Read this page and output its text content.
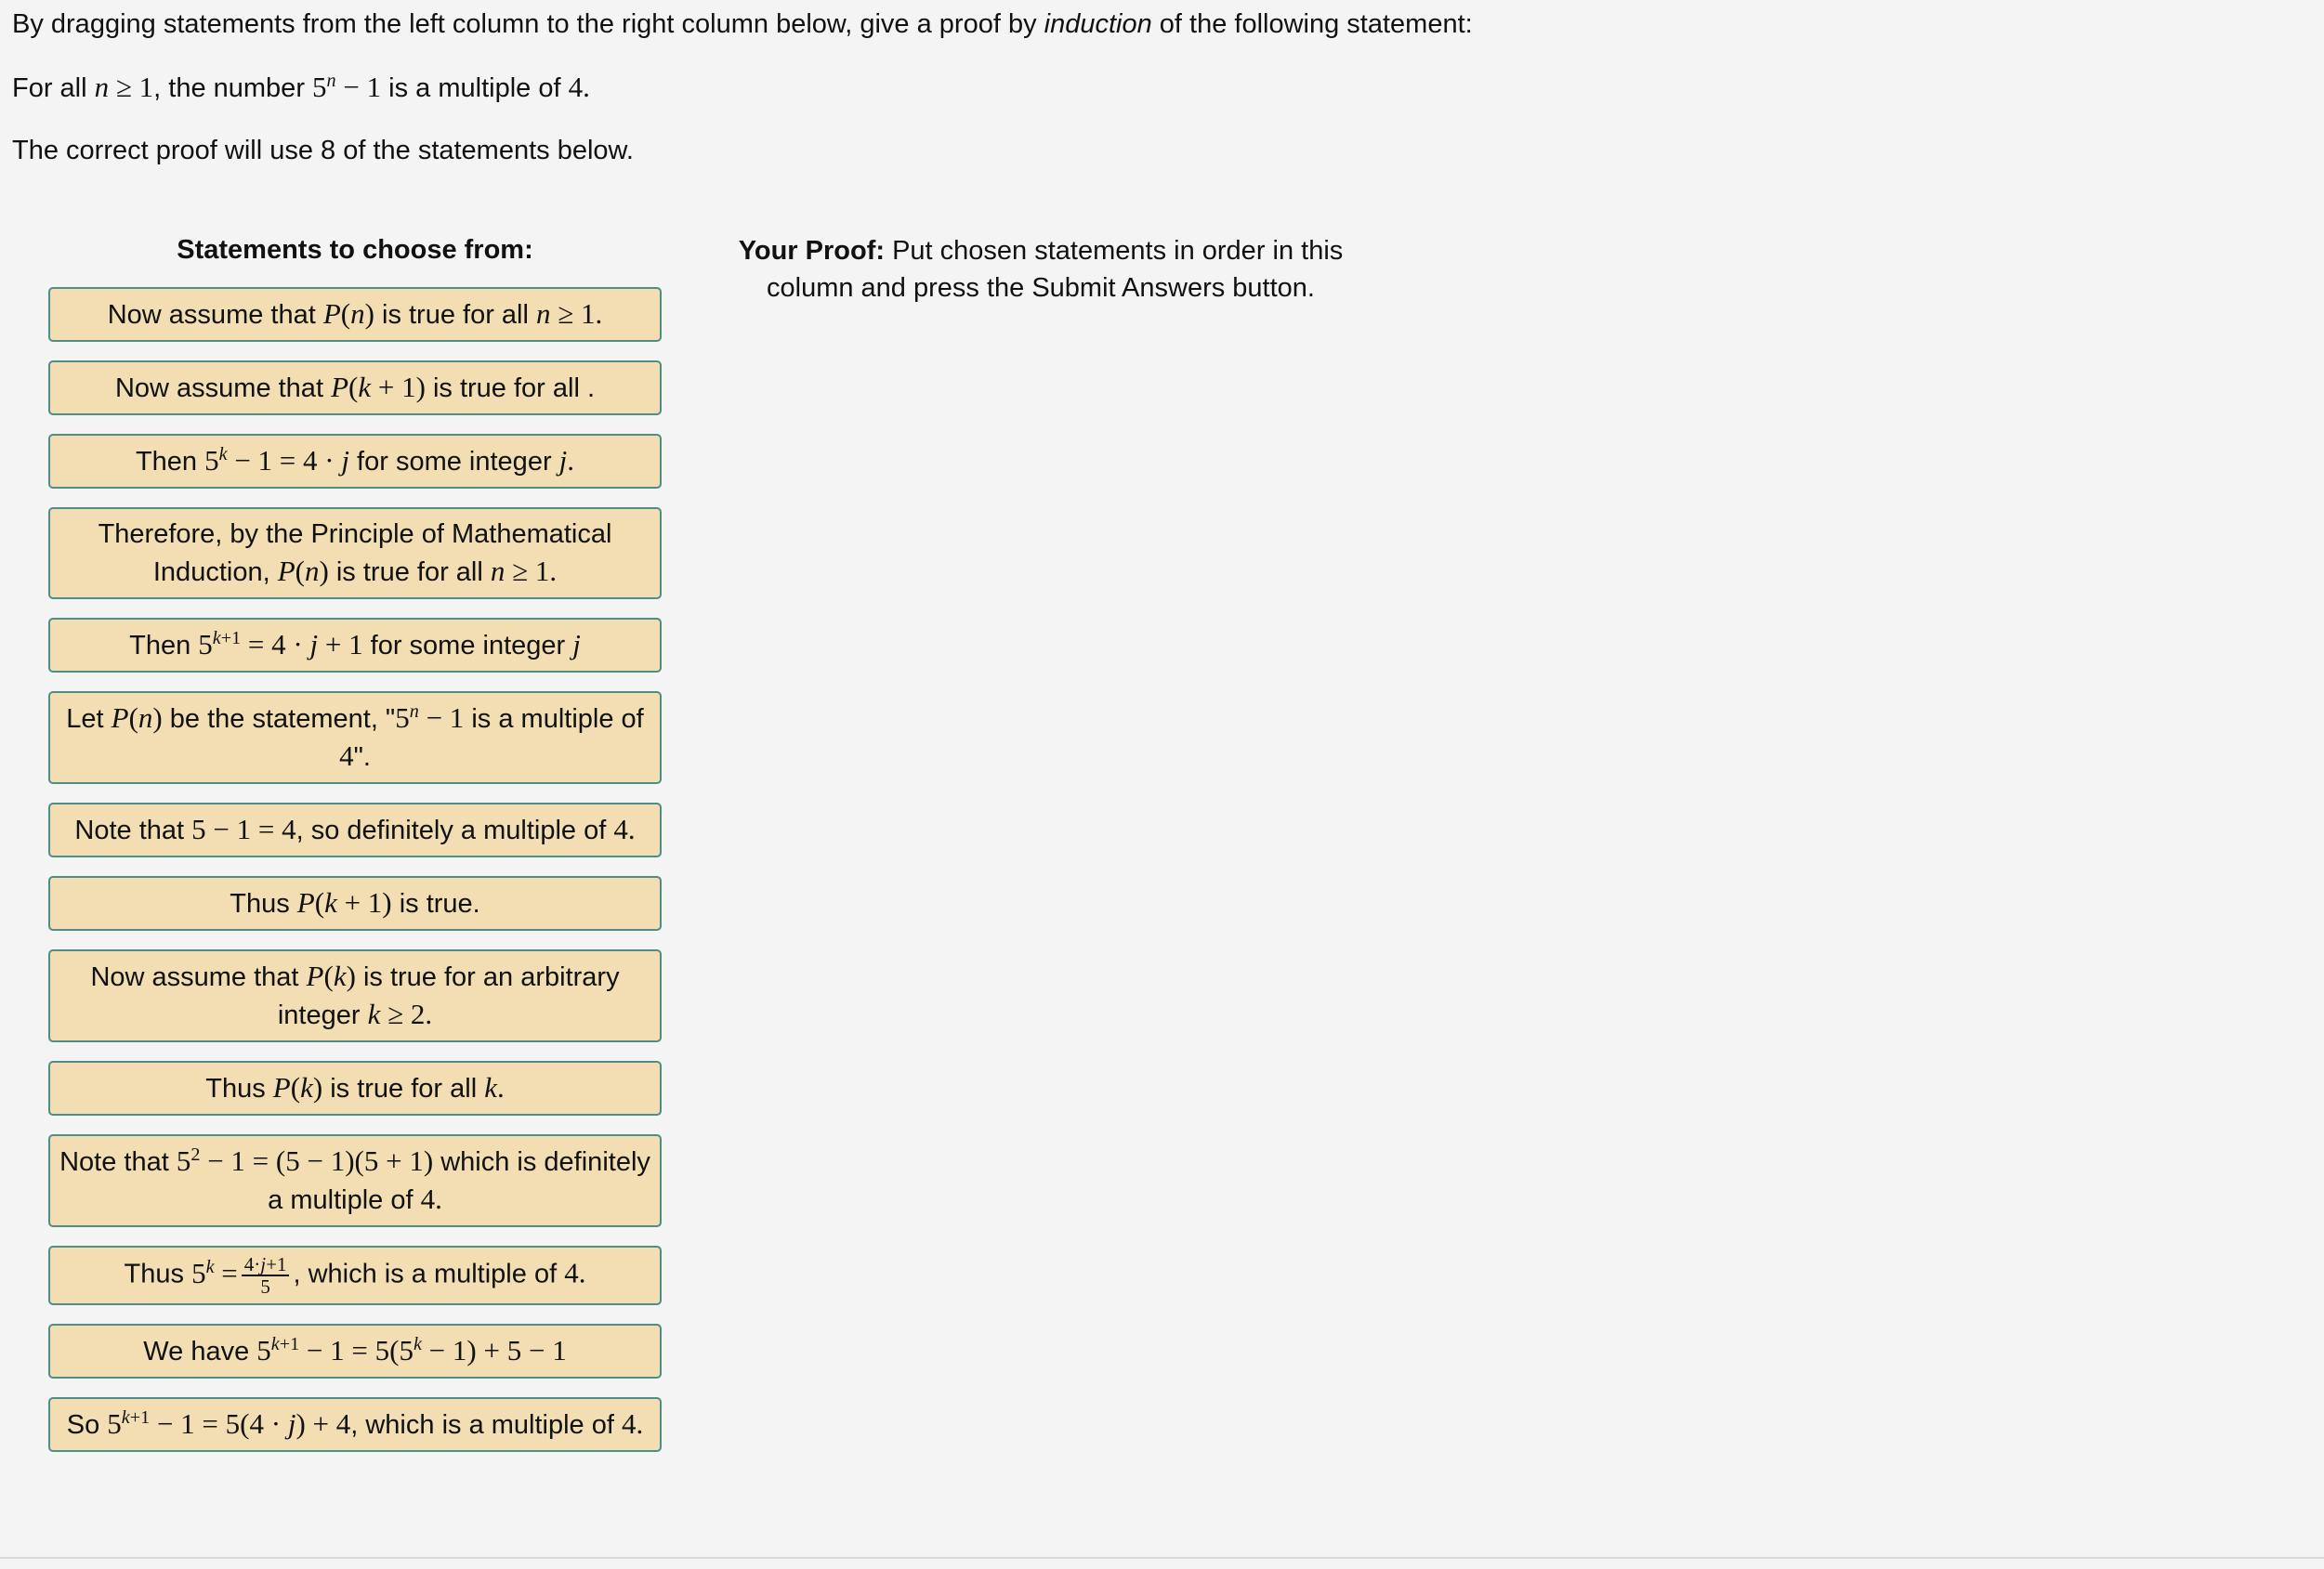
By dragging statements from the left column to the right column below, give a proof by induction of the following statement:

For all n ≥ 1, the number $5^n - 1$ is a multiple of 4.

The correct proof will use 8 of the statements below.

Statements to choose from:
Now assume that P(n) is true for all n ≥ 1.
Now assume that P(k + 1) is true for all .
Then $5^k - 1 = 4 \cdot j$ for some integer j.
Therefore, by the Principle of Mathematical Induction, P(n) is true for all n ≥ 1.
Then $5^{k+1} = 4 \cdot j + 1$ for some integer j
Let P(n) be the statement, "$5^n - 1$ is a multiple of 4".
Note that 5 − 1 = 4, so definitely a multiple of 4.
Thus P(k + 1) is true.
Now assume that P(k) is true for an arbitrary integer k ≥ 2.
Thus P(k) is true for all k.
Note that $5^2 - 1 = (5 - 1)(5 + 1)$ which is definitely a multiple of 4.
Thus $5^k = \frac{4\cdot j+1}{5}$ , which is a multiple of 4.
We have $5^{k+1} - 1 = 5(5^k - 1) + 5 - 1$
So $5^{k+1} - 1 = 5(4 \cdot j) + 4$, which is a multiple of 4.
Your Proof: Put chosen statements in order in this column and press the Submit Answers button.
